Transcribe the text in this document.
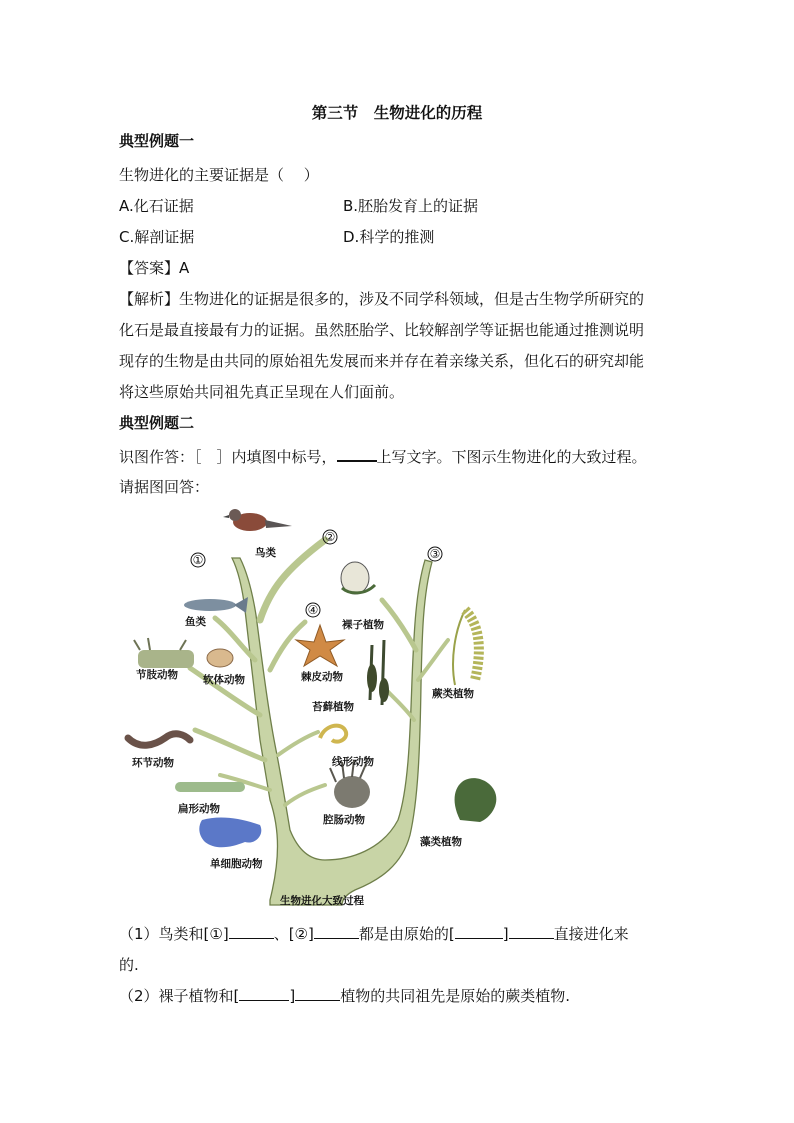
第三节　生物进化的历程
典型例题一
生物进化的主要证据是（　 ）
A.化石证据	B.胚胎发育上的证据
C.解剖证据	D.科学的推测
【答案】A
【解析】生物进化的证据是很多的，涉及不同学科领域，但是古生物学所研究的
化石是最直接最有力的证据。虽然胚胎学、比较解剖学等证据也能通过推测说明
现存的生物是由共同的原始祖先发展而来并存在着亲缘关系，但化石的研究却能
将这些原始共同祖先真正呈现在人们面前。
典型例题二
识图作答：［　］内填图中标号，	上写文字。下图示生物进化的大致过程。
请据图回答：
①
②
③
④
鸟类
鱼类
节肢动物 软体动物	棘皮动物
裸子植物
苔藓植物
蕨类植物
环节动物	线形动物
扁形动物
腔肠动物
单细胞动物
藻类植物
生物进化大致过程
（1）鸟类和[①]	、[②]	都是由原始的[	]	直接进化来
的.
（2）裸子植物和[	]	植物的共同祖先是原始的蕨类植物.
